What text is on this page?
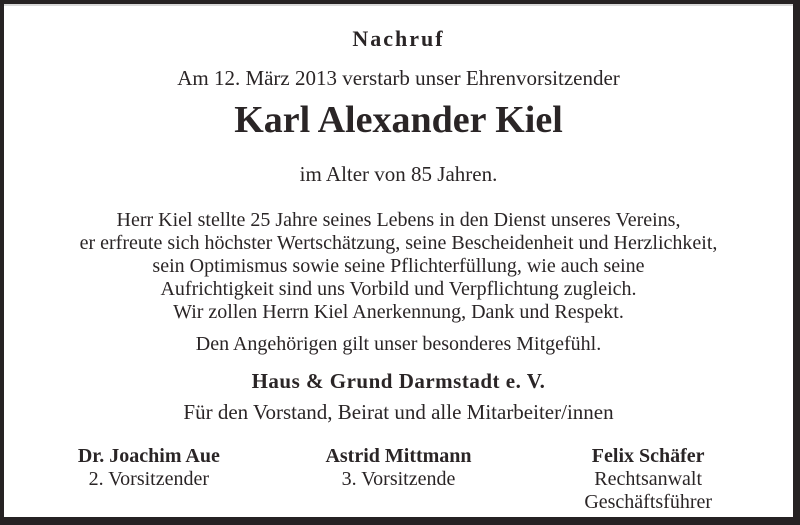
Nachruf
Am 12. März 2013 verstarb unser Ehrenvorsitzender
Karl Alexander Kiel
im Alter von 85 Jahren.
Herr Kiel stellte 25 Jahre seines Lebens in den Dienst unseres Vereins,
er erfreute sich höchster Wertschätzung, seine Bescheidenheit und Herzlichkeit,
sein Optimismus sowie seine Pflichterfüllung, wie auch seine
Aufrichtigkeit sind uns Vorbild und Verpflichtung zugleich.
Wir zollen Herrn Kiel Anerkennung, Dank und Respekt.
Den Angehörigen gilt unser besonderes Mitgefühl.
Haus & Grund Darmstadt e. V.
Für den Vorstand, Beirat und alle Mitarbeiter/innen
Dr. Joachim Aue
2. Vorsitzender
Astrid Mittmann
3. Vorsitzende
Felix Schäfer
Rechtsanwalt
Geschäftsführer
